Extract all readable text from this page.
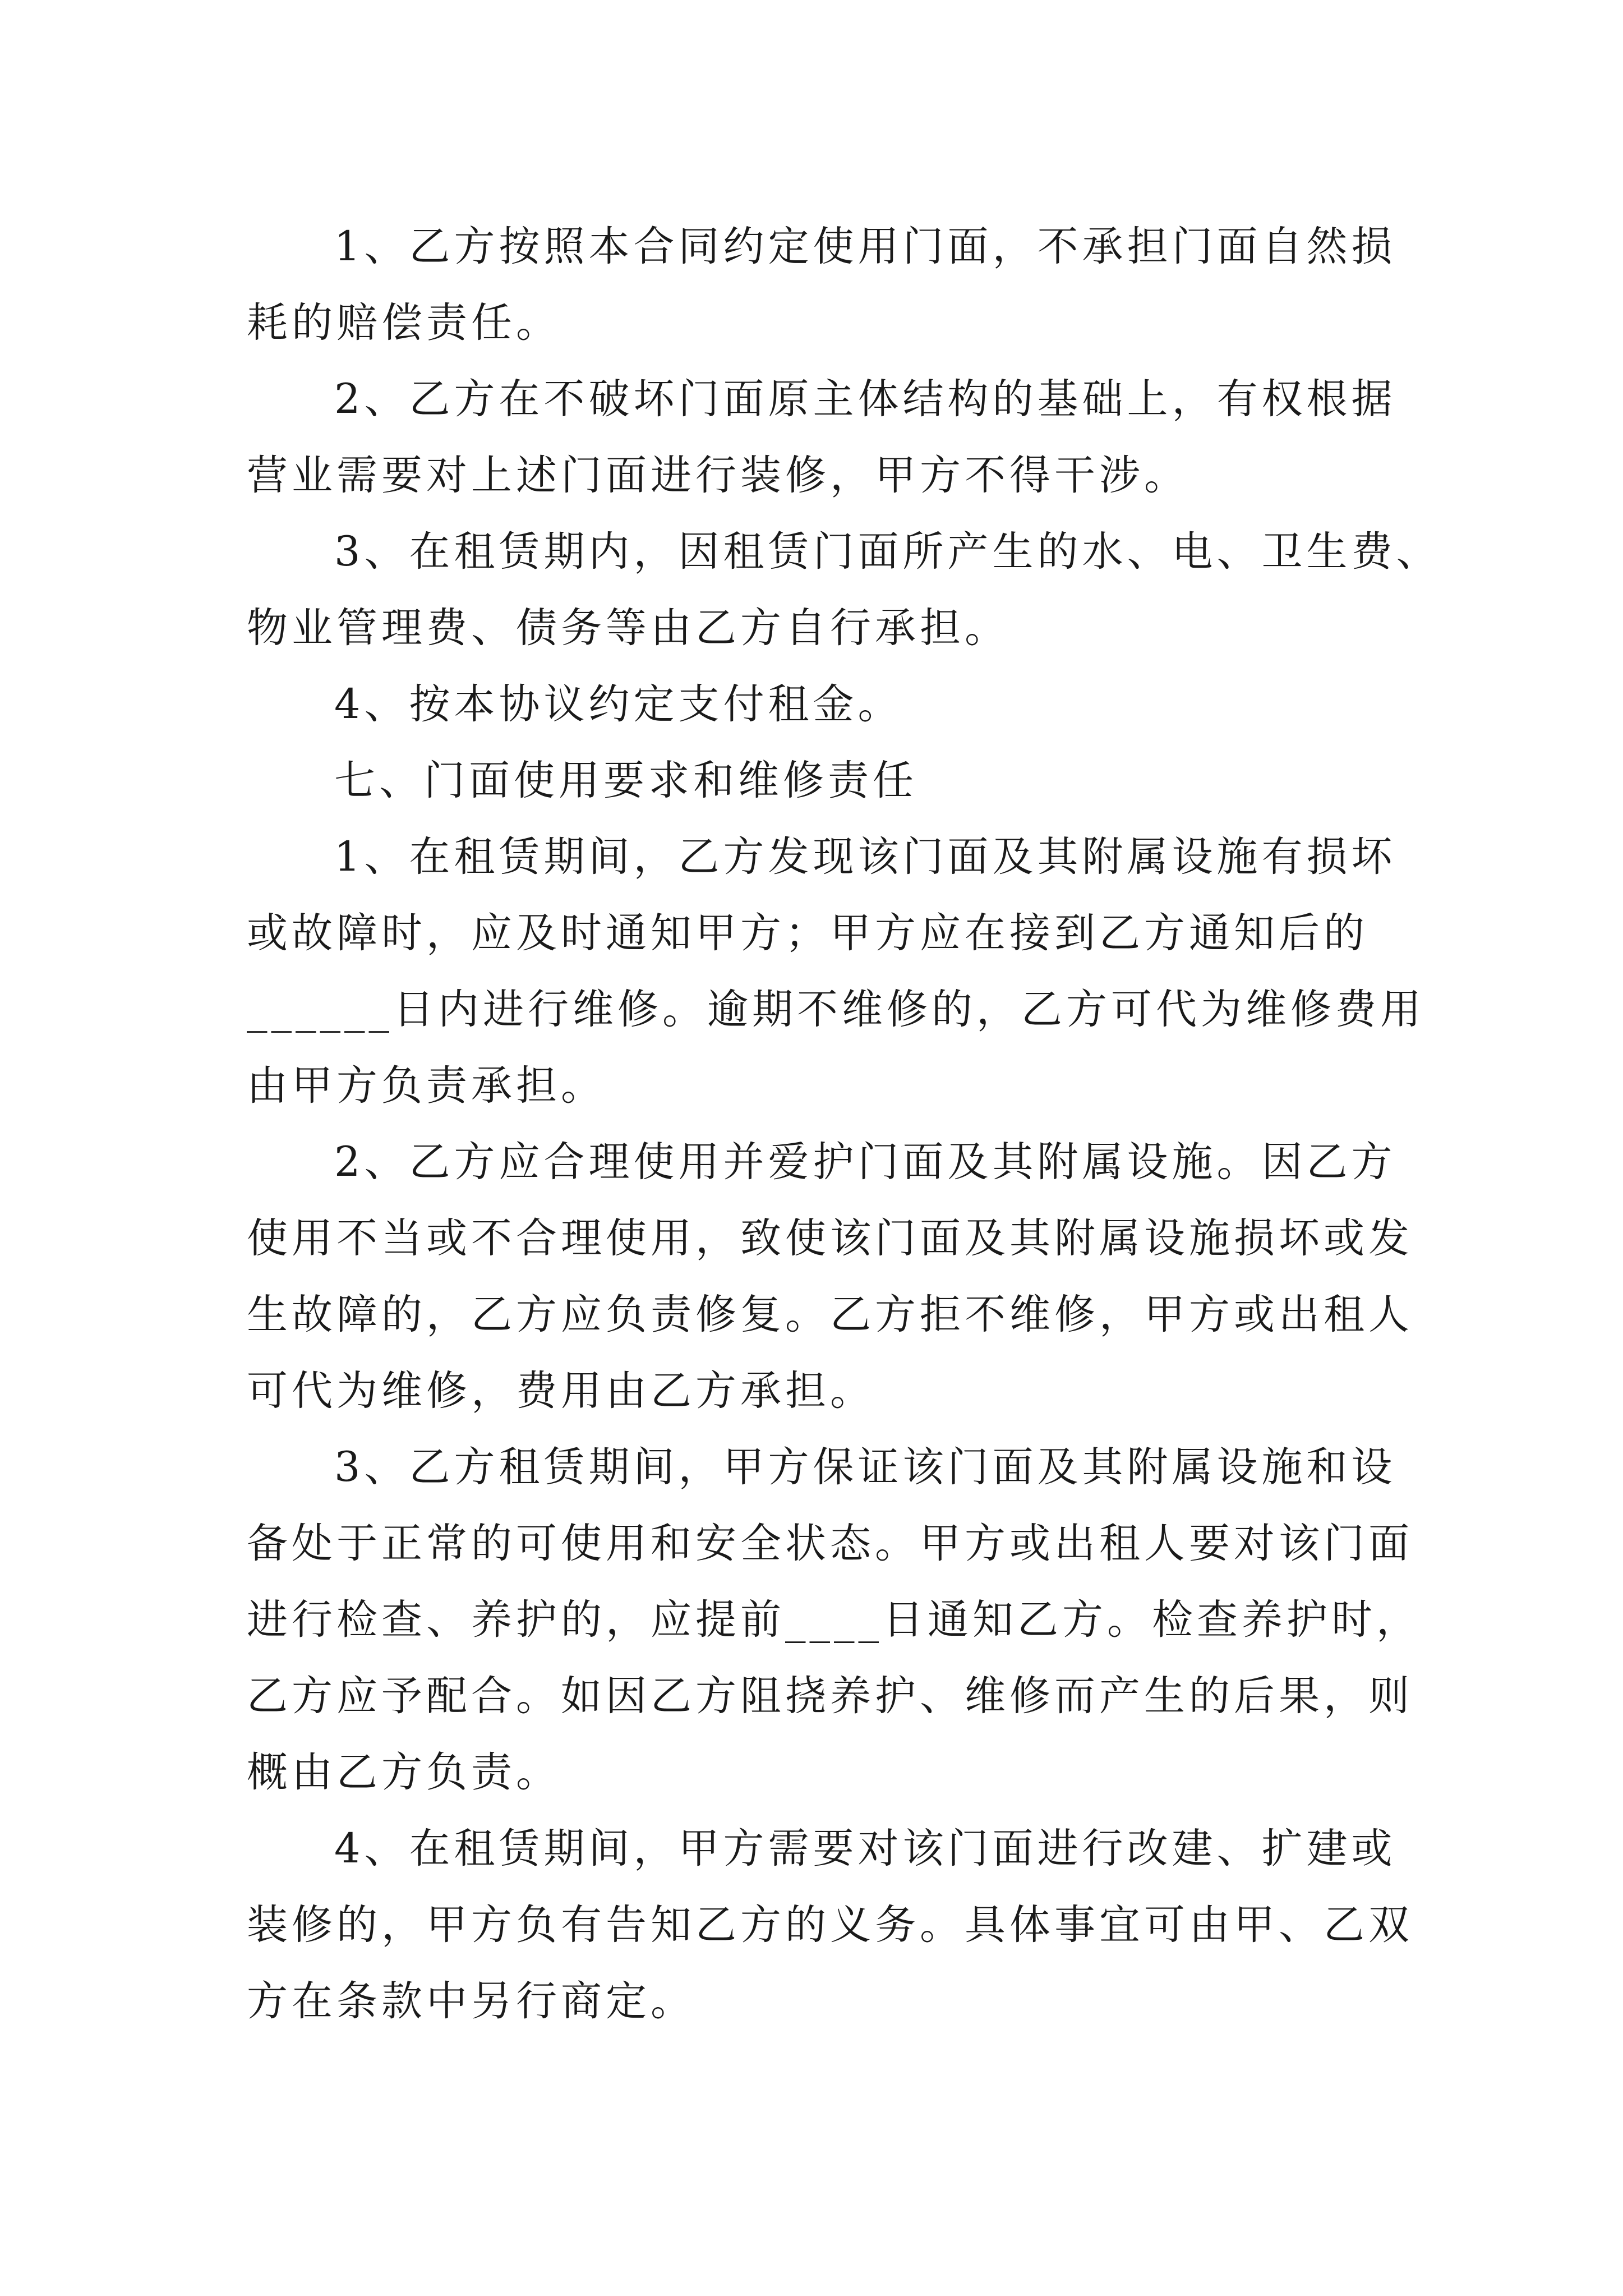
1、乙方按照本合同约定使用门面，不承担门面自然损
耗的赔偿责任。

2、乙方在不破坏门面原主体结构的基础上，有权根据
营业需要对上述门面进行装修，甲方不得干涉。

3、在租赁期内，因租赁门面所产生的水、电、卫生费、
物业管理费、债务等由乙方自行承担。

4、按本协议约定支付租金。

七、门面使用要求和维修责任

1、在租赁期间，乙方发现该门面及其附属设施有损坏
或故障时，应及时通知甲方；甲方应在接到乙方通知后的
______日内进行维修。逾期不维修的，乙方可代为维修费用
由甲方负责承担。

2、乙方应合理使用并爱护门面及其附属设施。因乙方
使用不当或不合理使用，致使该门面及其附属设施损坏或发
生故障的，乙方应负责修复。乙方拒不维修，甲方或出租人
可代为维修，费用由乙方承担。

3、乙方租赁期间，甲方保证该门面及其附属设施和设
备处于正常的可使用和安全状态。甲方或出租人要对该门面
进行检查、养护的，应提前____日通知乙方。检查养护时，
乙方应予配合。如因乙方阻挠养护、维修而产生的后果，则
概由乙方负责。

4、在租赁期间，甲方需要对该门面进行改建、扩建或
装修的，甲方负有告知乙方的义务。具体事宜可由甲、乙双
方在条款中另行商定。
